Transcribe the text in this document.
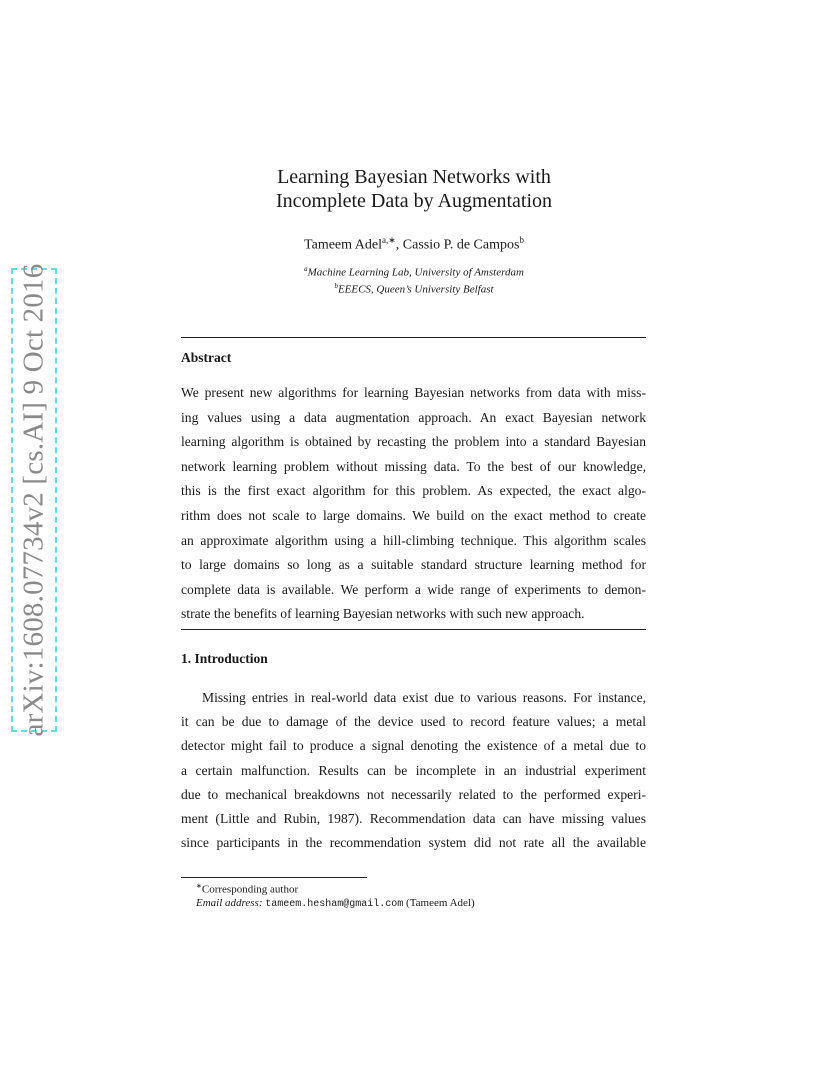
arXiv:1608.07734v2 [cs.AI] 9 Oct 2016
Learning Bayesian Networks with
Incomplete Data by Augmentation
Tameem Adel$^{a,∗}$, Cassio P. de Campos$^b$
$^a$Machine Learning Lab, University of Amsterdam
$^b$EEECS, Queen’s University Belfast
Abstract
We present new algorithms for learning Bayesian networks from data with miss-
ing values using a data augmentation approach. An exact Bayesian network
learning algorithm is obtained by recasting the problem into a standard Bayesian
network learning problem without missing data. To the best of our knowledge,
this is the first exact algorithm for this problem. As expected, the exact algo-
rithm does not scale to large domains. We build on the exact method to create
an approximate algorithm using a hill-climbing technique. This algorithm scales
to large domains so long as a suitable standard structure learning method for
complete data is available. We perform a wide range of experiments to demon-
strate the benefits of learning Bayesian networks with such new approach.
1. Introduction
Missing entries in real-world data exist due to various reasons. For instance,
it can be due to damage of the device used to record feature values; a metal
detector might fail to produce a signal denoting the existence of a metal due to
a certain malfunction. Results can be incomplete in an industrial experiment
due to mechanical breakdowns not necessarily related to the performed experi-
ment (Little and Rubin, 1987). Recommendation data can have missing values
since participants in the recommendation system did not rate all the available
∗Corresponding author
Email address: tameem.hesham@gmail.com (Tameem Adel)
